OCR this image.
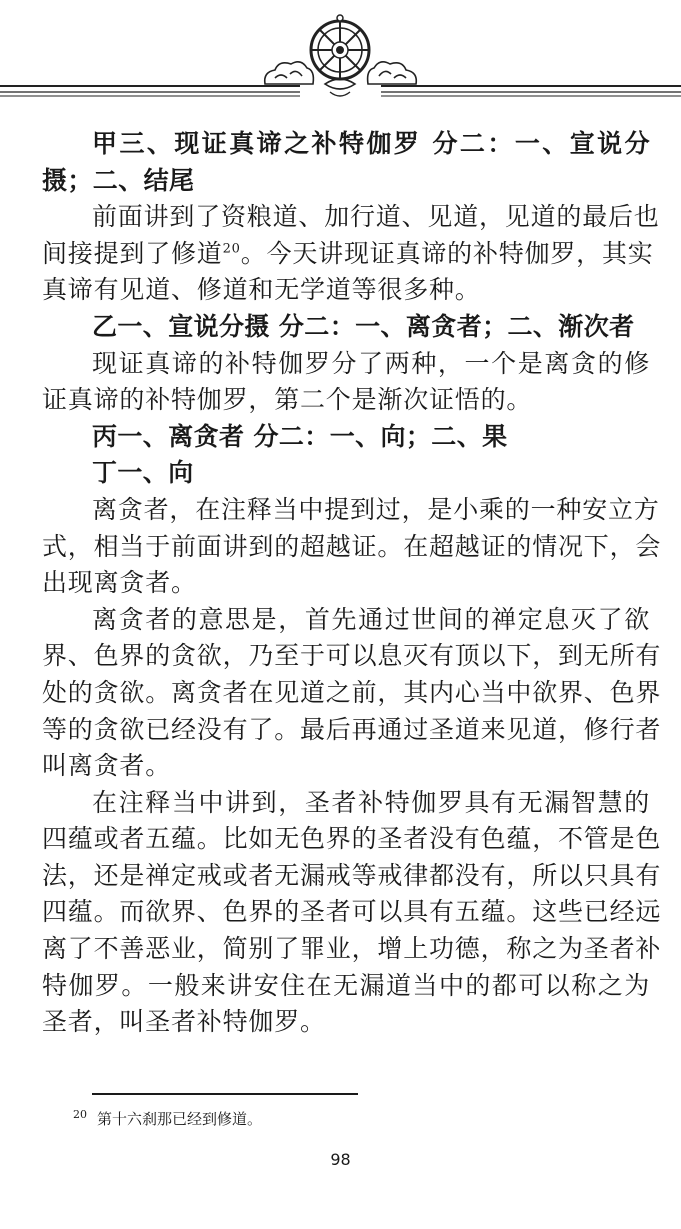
甲三、现证真谛之补特伽罗 分二：一、宣说分
摄；二、结尾
前面讲到了资粮道、加行道、见道，见道的最后也
间接提到了修道$^{20}$。今天讲现证真谛的补特伽罗，其实
真谛有见道、修道和无学道等很多种。
乙一、宣说分摄 分二：一、离贪者；二、渐次者
现证真谛的补特伽罗分了两种，一个是离贪的修
证真谛的补特伽罗，第二个是渐次证悟的。
丙一、离贪者 分二：一、向；二、果
丁一、向
离贪者，在注释当中提到过，是小乘的一种安立方
式，相当于前面讲到的超越证。在超越证的情况下，会
出现离贪者。
离贪者的意思是，首先通过世间的禅定息灭了欲
界、色界的贪欲，乃至于可以息灭有顶以下，到无所有
处的贪欲。离贪者在见道之前，其内心当中欲界、色界
等的贪欲已经没有了。最后再通过圣道来见道，修行者
叫离贪者。
在注释当中讲到，圣者补特伽罗具有无漏智慧的
四蕴或者五蕴。比如无色界的圣者没有色蕴，不管是色
法，还是禅定戒或者无漏戒等戒律都没有，所以只具有
四蕴。而欲界、色界的圣者可以具有五蕴。这些已经远
离了不善恶业，简别了罪业，增上功德，称之为圣者补
特伽罗。一般来讲安住在无漏道当中的都可以称之为
圣者，叫圣者补特伽罗。
$^{20}$ 第十六刹那已经到修道。
98
